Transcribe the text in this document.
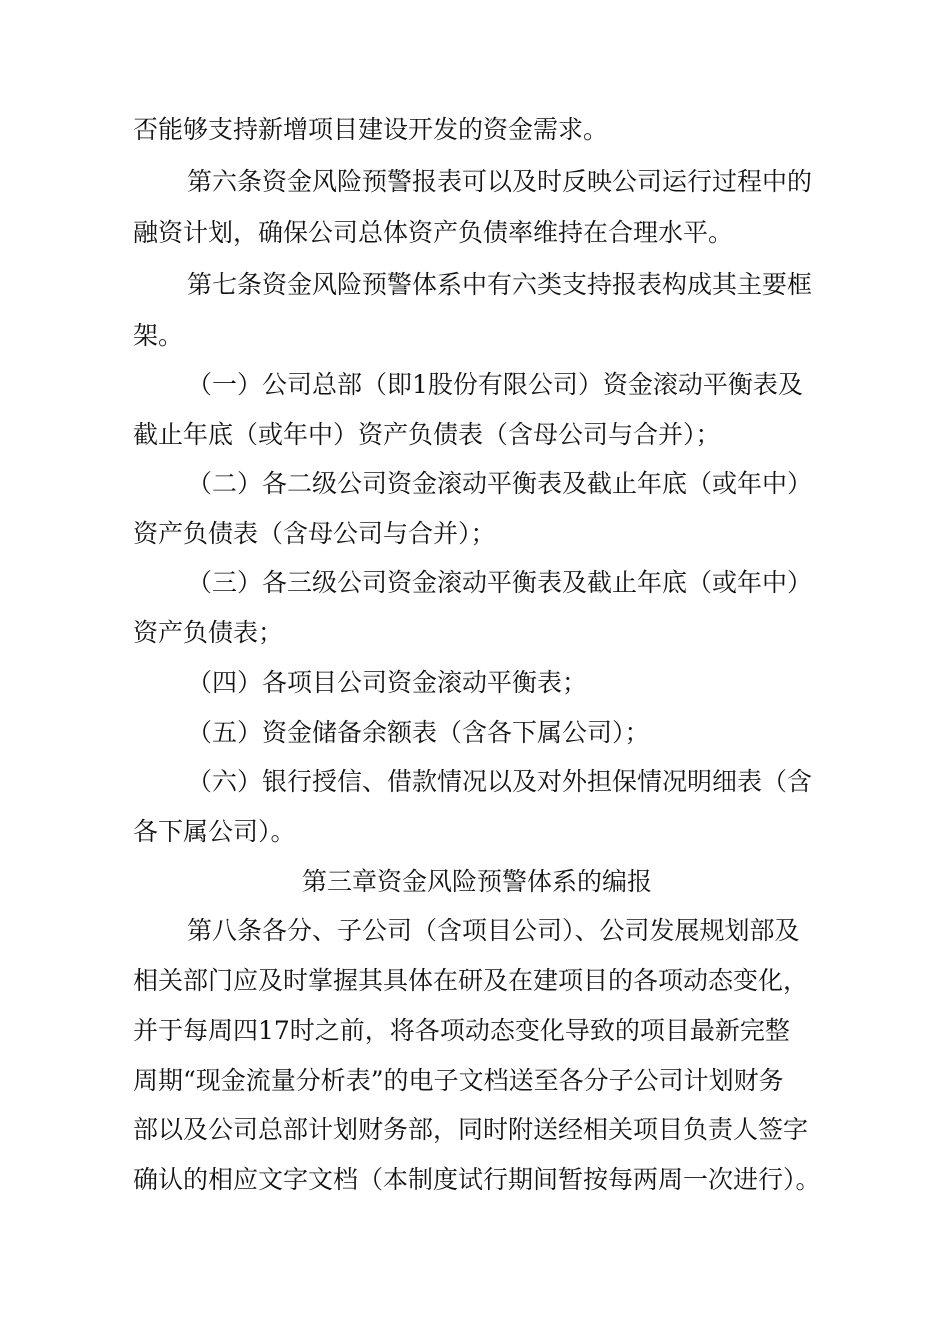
否能够支持新增项目建设开发的资金需求。

第六条资金风险预警报表可以及时反映公司运行过程中的

融资计划，确保公司总体资产负债率维持在合理水平。

第七条资金风险预警体系中有六类支持报表构成其主要框

架。

（一）公司总部（即1股份有限公司）资金滚动平衡表及

截止年底（或年中）资产负债表（含母公司与合并）；

（二）各二级公司资金滚动平衡表及截止年底（或年中）

资产负债表（含母公司与合并）；

（三）各三级公司资金滚动平衡表及截止年底（或年中）

资产负债表；

（四）各项目公司资金滚动平衡表；

（五）资金储备余额表（含各下属公司）；

（六）银行授信、借款情况以及对外担保情况明细表（含

各下属公司）。

第三章资金风险预警体系的编报

第八条各分、子公司（含项目公司）、公司发展规划部及

相关部门应及时掌握其具体在研及在建项目的各项动态变化，

并于每周四17时之前，将各项动态变化导致的项目最新完整

周期“现金流量分析表”的电子文档送至各分子公司计划财务

部以及公司总部计划财务部，同时附送经相关项目负责人签字

确认的相应文字文档（本制度试行期间暂按每两周一次进行）。
